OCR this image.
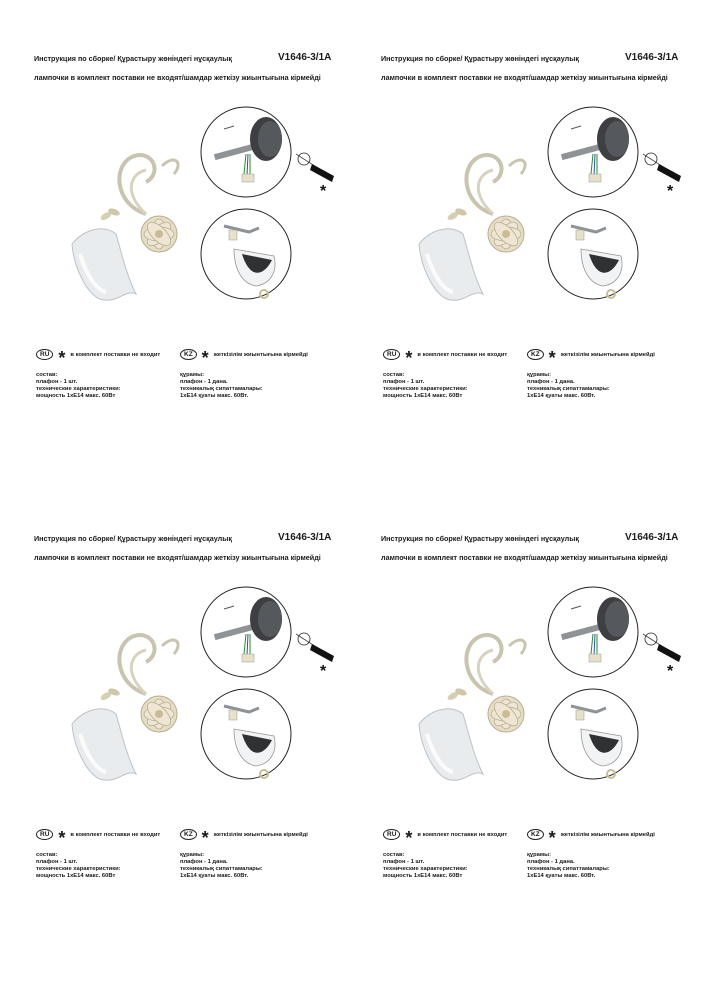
Инструкция по сборке/ Құрастыру жөніндегі нұсқаулық	V1646-3/1A
лампочки в комплект поставки не входят/шамдар жеткізу жиынтығына кірмейді
*
RU * в комплект поставки не входит	KZ * жеткізілім жиынтығына кірмейді
состав:
плафон - 1 шт.
технические характеристики:
мощность 1хЕ14 макс. 60Вт
құрамы:
плафон - 1 дана.
техникалық сипаттамалары:
1хЕ14 қуаты макс. 60Вт.
Инструкция по сборке/ Құрастыру жөніндегі нұсқаулық	V1646-3/1A
лампочки в комплект поставки не входят/шамдар жеткізу жиынтығына кірмейді
*
RU * в комплект поставки не входит	KZ * жеткізілім жиынтығына кірмейді
состав:
плафон - 1 шт.
технические характеристики:
мощность 1хЕ14 макс. 60Вт
құрамы:
плафон - 1 дана.
техникалық сипаттамалары:
1хЕ14 қуаты макс. 60Вт.
Инструкция по сборке/ Құрастыру жөніндегі нұсқаулық	V1646-3/1A
лампочки в комплект поставки не входят/шамдар жеткізу жиынтығына кірмейді
*
RU * в комплект поставки не входит	KZ * жеткізілім жиынтығына кірмейді
состав:
плафон - 1 шт.
технические характеристики:
мощность 1хЕ14 макс. 60Вт
құрамы:
плафон - 1 дана.
техникалық сипаттамалары:
1хЕ14 қуаты макс. 60Вт.
Инструкция по сборке/ Құрастыру жөніндегі нұсқаулық	V1646-3/1A
лампочки в комплект поставки не входят/шамдар жеткізу жиынтығына кірмейді
*
RU * в комплект поставки не входит	KZ * жеткізілім жиынтығына кірмейді
состав:
плафон - 1 шт.
технические характеристики:
мощность 1хЕ14 макс. 60Вт
құрамы:
плафон - 1 дана.
техникалық сипаттамалары:
1хЕ14 қуаты макс. 60Вт.
